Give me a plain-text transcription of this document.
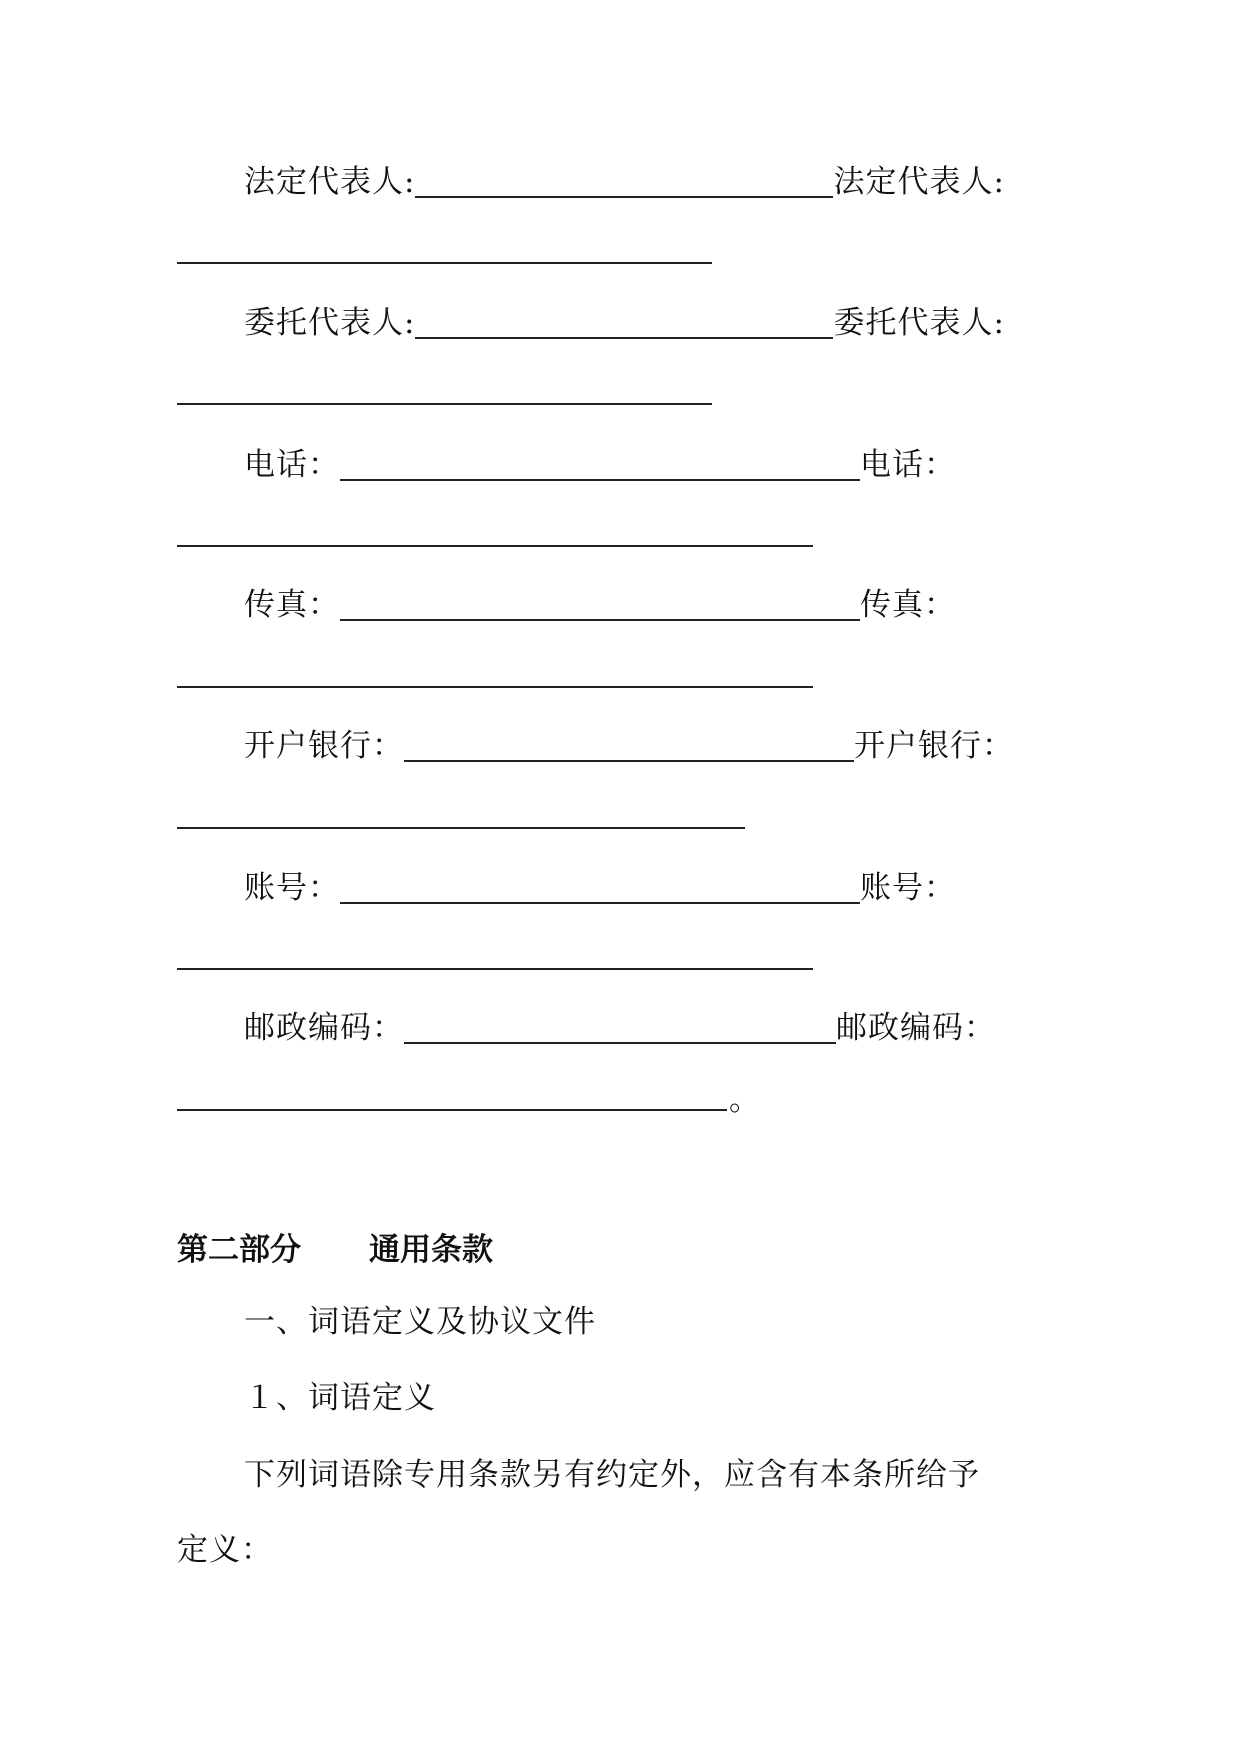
法定代表人:	法定代表人:
委托代表人:	委托代表人:
电话：	电话：
传真：	传真：
开户银行：	开户银行：
账号：	账号：
邮政编码：	邮政编码：
。
第二部分 通用条款
一、词语定义及协议文件
１、词语定义
下列词语除专用条款另有约定外，应含有本条所给予
定义：
